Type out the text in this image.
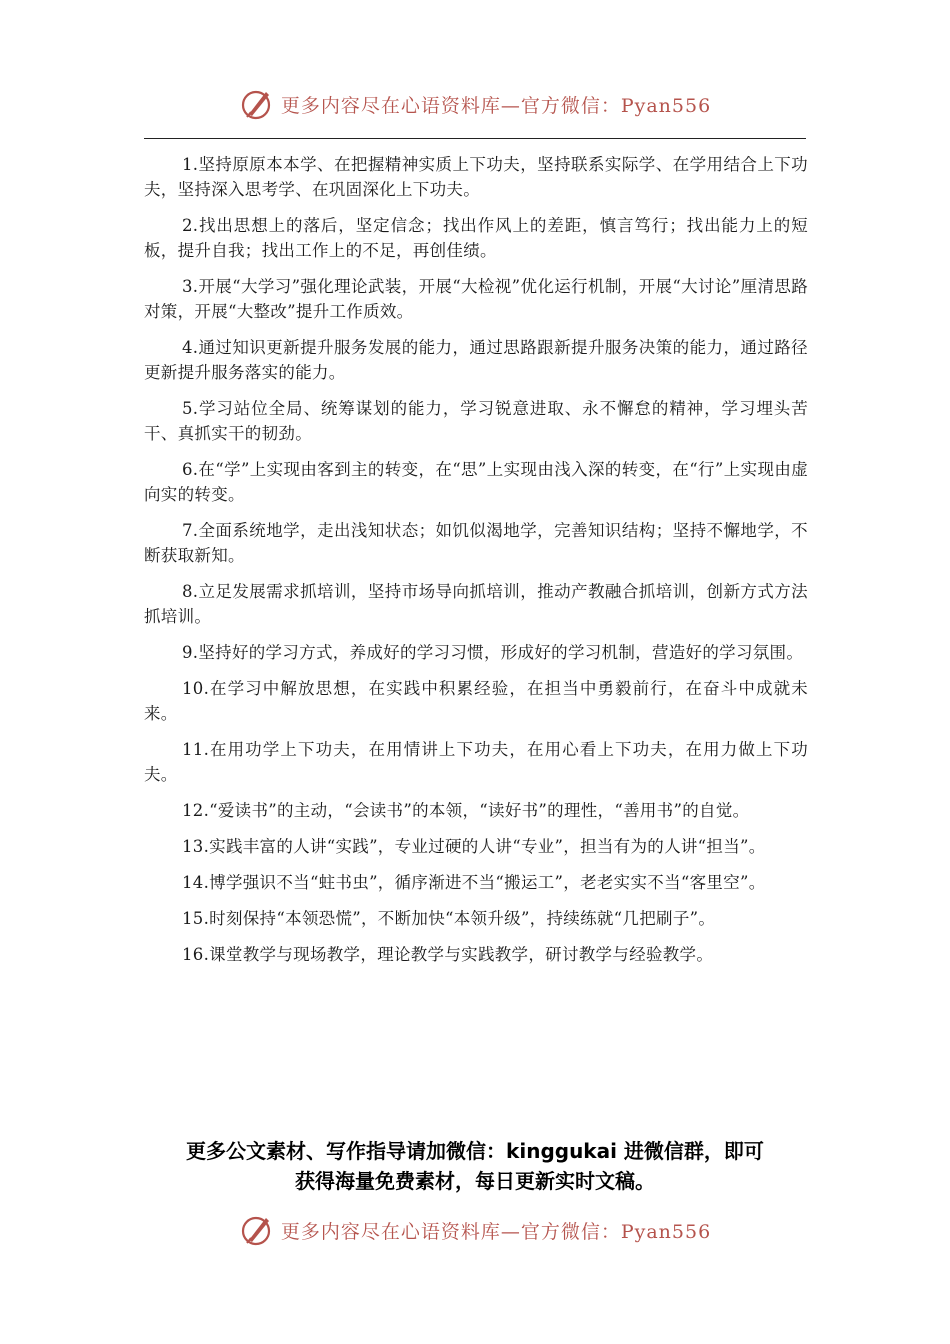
更多内容尽在心语资料库—官方微信：Pyan556

1.坚持原原本本学、在把握精神实质上下功夫，坚持联系实际学、在学用结合上下功夫，坚持深入思考学、在巩固深化上下功夫。

2.找出思想上的落后，坚定信念；找出作风上的差距，慎言笃行；找出能力上的短板，提升自我；找出工作上的不足，再创佳绩。

3.开展“大学习”强化理论武装，开展“大检视”优化运行机制，开展“大讨论”厘清思路对策，开展“大整改”提升工作质效。

4.通过知识更新提升服务发展的能力，通过思路跟新提升服务决策的能力，通过路径更新提升服务落实的能力。

5.学习站位全局、统筹谋划的能力，学习锐意进取、永不懈怠的精神，学习埋头苦干、真抓实干的韧劲。

6.在“学”上实现由客到主的转变，在“思”上实现由浅入深的转变，在“行”上实现由虚向实的转变。

7.全面系统地学，走出浅知状态；如饥似渴地学，完善知识结构；坚持不懈地学，不断获取新知。

8.立足发展需求抓培训，坚持市场导向抓培训，推动产教融合抓培训，创新方式方法抓培训。

9.坚持好的学习方式，养成好的学习习惯，形成好的学习机制，营造好的学习氛围。

10.在学习中解放思想，在实践中积累经验，在担当中勇毅前行，在奋斗中成就未来。

11.在用功学上下功夫，在用情讲上下功夫，在用心看上下功夫，在用力做上下功夫。

12.“爱读书”的主动，“会读书”的本领，“读好书”的理性，“善用书”的自觉。

13.实践丰富的人讲“实践”，专业过硬的人讲“专业”，担当有为的人讲“担当”。

14.博学强识不当“蛀书虫”，循序渐进不当“搬运工”，老老实实不当“客里空”。

15.时刻保持“本领恐慌”，不断加快“本领升级”，持续练就“几把刷子”。

16.课堂教学与现场教学，理论教学与实践教学，研讨教学与经验教学。

更多公文素材、写作指导请加微信：kinggukai 进微信群，即可
获得海量免费素材，每日更新实时文稿。
更多内容尽在心语资料库—官方微信：Pyan556
